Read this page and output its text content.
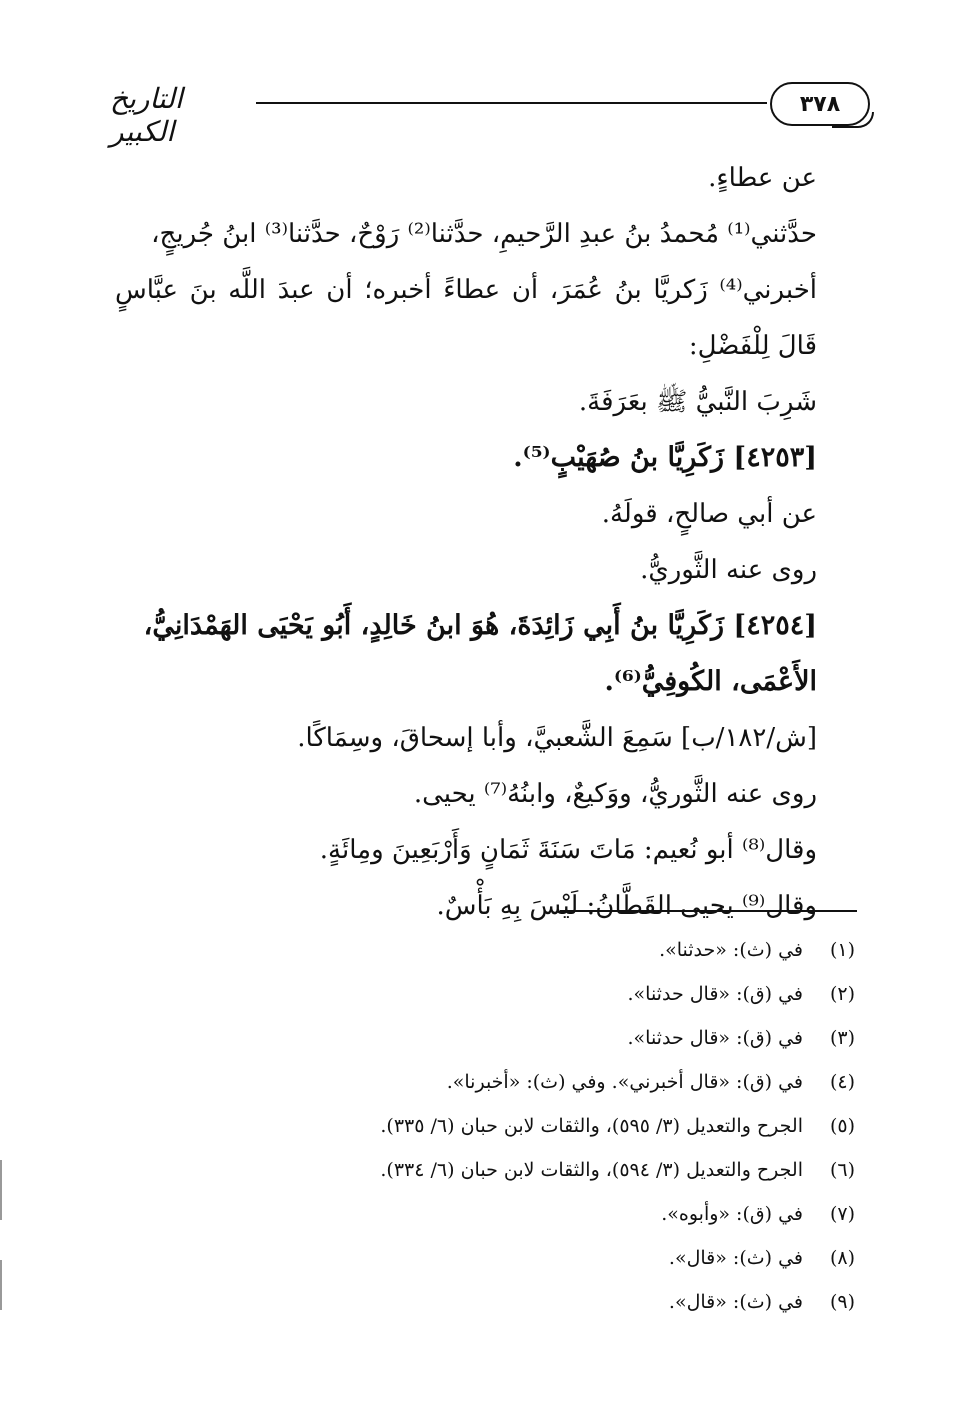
التاريخ الكبير
٣٧٨

عن عطاءٍ.

حدَّثني⁽¹⁾ مُحمدُ بنُ عبدِ الرَّحيمِ، حدَّثنا⁽²⁾ رَوْحٌ، حدَّثنا⁽³⁾ ابنُ جُريجٍ،

أخبرني⁽⁴⁾ زَكريَّا بنُ عُمَرَ، أن عطاءً أخبره؛ أن عبدَ اللَّه بنَ عبَّاسٍ قَالَ لِلْفَضْلِ:

شَرِبَ النَّبيُّ ﷺ بعَرَفَةَ.

[٤٢٥٣] زَكَرِيَّا بنُ صُهَيْبٍ⁽⁵⁾.

عن أبي صالحٍ، قولَهُ.

روى عنه الثَّوريُّ.

[٤٢٥٤] زَكَرِيَّا بنُ أَبِي زَائِدَةَ، هُوَ ابنُ خَالِدٍ، أَبُو يَحْيَى الهَمْدَانِيُّ،

الأَعْمَى، الكُوفِيُّ⁽⁶⁾.

[ش/١٨٢/ب] سَمِعَ الشَّعبيَّ، وأبا إسحاقَ، وسِمَاكًا.

روى عنه الثَّوريُّ، ووَكيعٌ، وابنُهُ⁽⁷⁾ يحيى.

وقال⁽⁸⁾ أبو نُعيم: مَاتَ سَنَةَ ثَمَانٍ وَأَرْبَعِينَ ومِائَةٍ.

وقال⁽⁹⁾ يحيى القَطَّانُ: لَيْسَ بِهِ بَأْسٌ.

(١)في (ث): «حدثنا».

(٢)في (ق): «قال حدثنا».

(٣)في (ق): «قال حدثنا».

(٤)في (ق): «قال أخبرني». وفي (ث): «أخبرنا».

(٥)الجرح والتعديل (٣/ ٥٩٥)، والثقات لابن حبان (٦/ ٣٣٥).

(٦)الجرح والتعديل (٣/ ٥٩٤)، والثقات لابن حبان (٦/ ٣٣٤).

(٧)في (ق): «وأبوه».

(٨)في (ث): «قال».

(٩)في (ث): «قال».
